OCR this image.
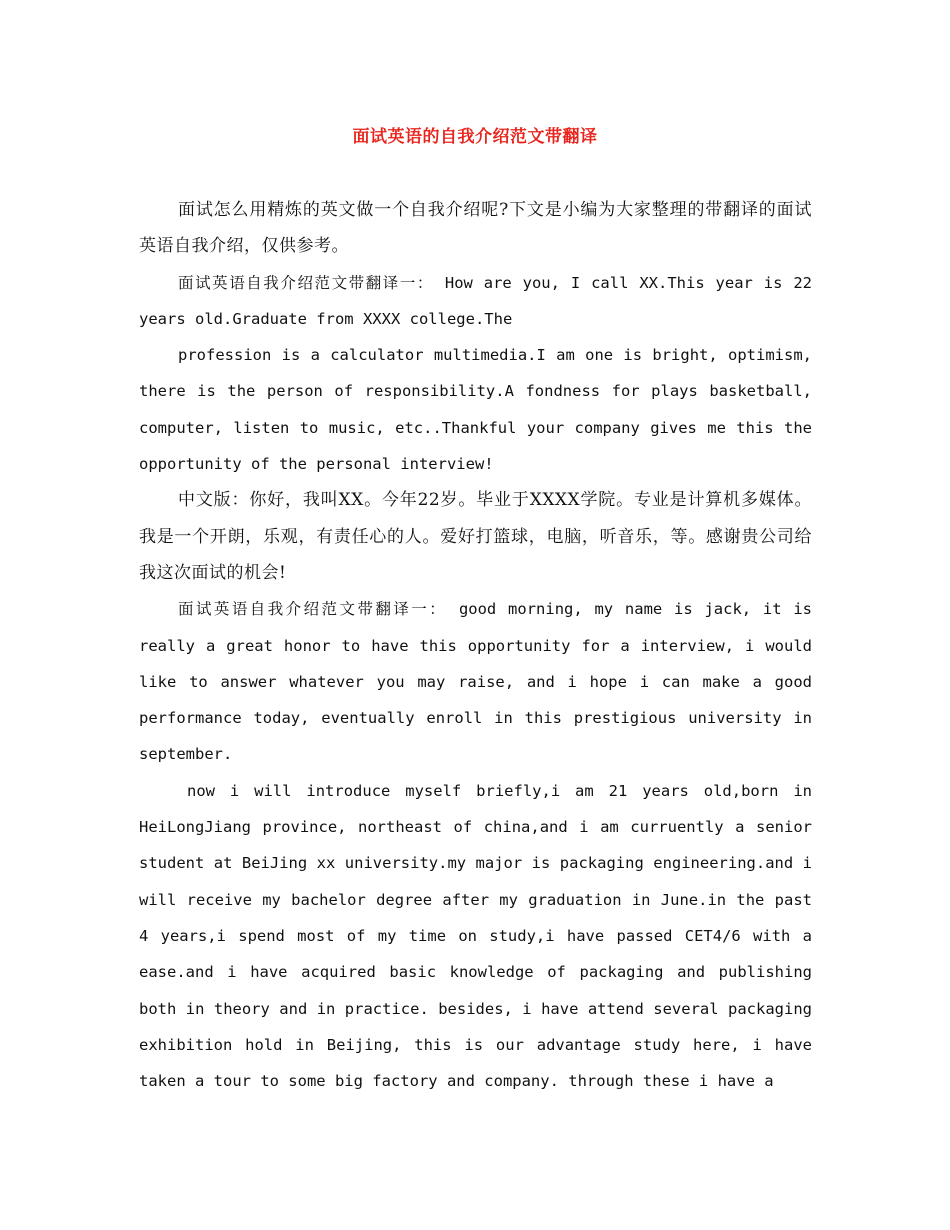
面试英语的自我介绍范文带翻译

面试怎么用精炼的英文做一个自我介绍呢?下文是小编为大家整理的带翻译的面试英语自我介绍，仅供参考。

面试英语自我介绍范文带翻译一： How are you, I call XX.This year is 22 years old.Graduate from XXXX college.The

profession is a calculator multimedia.I am one is bright, optimism, there is the person of responsibility.A fondness for plays basketball, computer, listen to music, etc..Thankful your company gives me this the opportunity of the personal interview!

中文版：你好，我叫XX。今年22岁。毕业于XXXX学院。专业是计算机多媒体。我是一个开朗，乐观，有责任心的人。爱好打篮球，电脑，听音乐，等。感谢贵公司给我这次面试的机会!

面试英语自我介绍范文带翻译一： good morning, my name is jack, it is really a great honor to have this opportunity for a interview, i would like to answer whatever you may raise, and i hope i can make a good performance today, eventually enroll in this prestigious university in september.

now i will introduce myself briefly,i am 21 years old,born in HeiLongJiang province, northeast of china,and i am curruently a senior student at BeiJing xx university.my major is packaging engineering.and i will receive my bachelor degree after my graduation in June.in the past 4 years,i spend most of my time on study,i have passed CET4/6 with a ease.and i have acquired basic knowledge of packaging and publishing both in theory and in practice. besides, i have attend several packaging exhibition hold in Beijing, this is our advantage study here, i have taken a tour to some big factory and company. through these i have a
